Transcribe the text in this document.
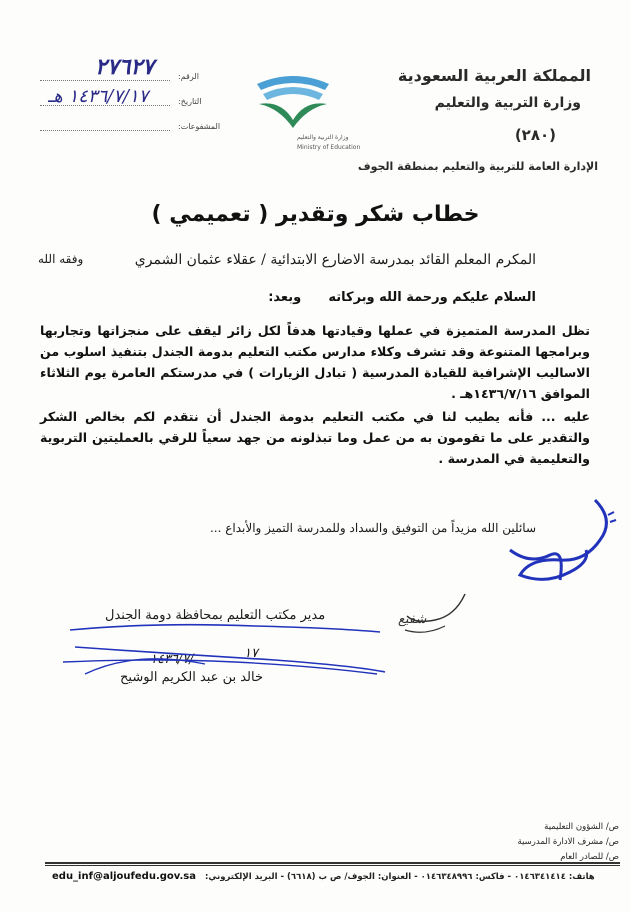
المملكة العربية السعودية
وزارة التربية والتعليم
(٢٨٠)
الإدارة العامة للتربية والتعليم بمنطقة الجوف
وزارة التربية والتعليم
Ministry of Education
الرقم:
٢٧٦٢٧
التاريخ:
١٤٣٦/٧/١٧ هـ
المشفوعات:
خطاب شكر وتقدير ( تعميمي )
المكرم المعلم القائد بمدرسة الاضارع الابتدائية / عقلاء عثمان الشمري
وفقه الله
السلام عليكم ورحمة الله وبركاته      وبعد:
تظل المدرسة المتميزة في عملها وقيادتها هدفاً لكل زائر ليقف على منجزاتها وتجاربها وبرامجها المتنوعة وقد تشرف وكلاء مدارس مكتب التعليم بدومة الجندل بتنفيذ اسلوب من الاساليب الإشرافية للقيادة المدرسية ( تبادل الزيارات ) في مدرستكم العامرة يوم الثلاثاء الموافق ١٤٣٦/٧/١٦هـ .
عليه ... فأنه يطيب لنا في مكتب التعليم بدومة الجندل أن نتقدم لكم بخالص الشكر والتقدير على ما تقومون به من عمل وما تبذلونه من جهد سعياً للرقي بالعمليتين التربوية والتعليمية في المدرسة .
سائلين الله مزيداً من التوفيق والسداد وللمدرسة التميز والأبداع ...
شفيع
مدير مكتب التعليم بمحافظة دومة الجندل
خالد بن عبد الكريم الوشيح
١٧
١٤٣٦/٧/
ص/ الشؤون التعليمية
ص/ مشرف الادارة المدرسية
ص/ للصادر العام
edu_inf@aljoufedu.gov.sa هاتف: ٠١٤٦٣٤١٤١٤ - فاكس: ٠١٤٦٣٤٨٩٩٦ - العنوان: الجوف/ ص ب (٦٦١٨) - البريد الإلكتروني:
